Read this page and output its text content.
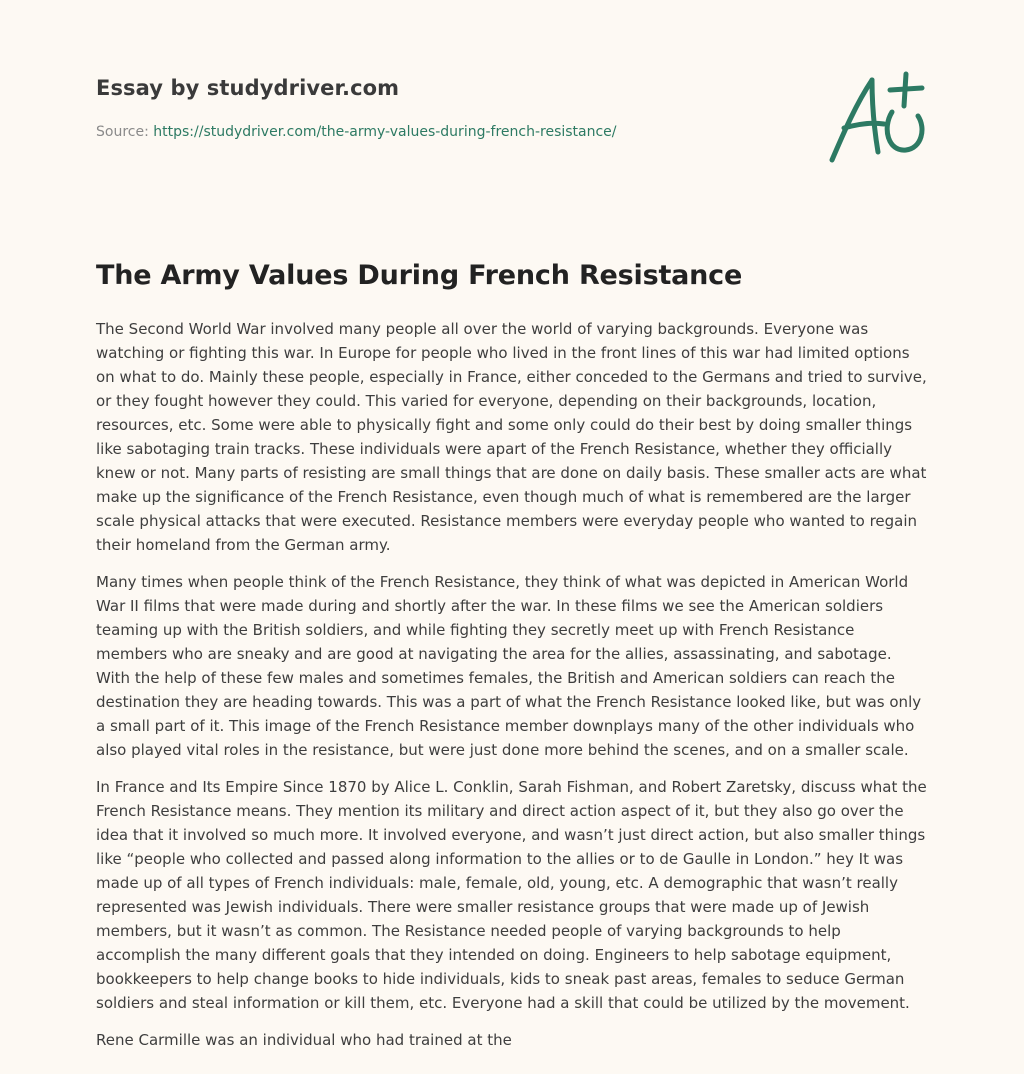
Essay by studydriver.com
Source: https://studydriver.com/the-army-values-during-french-resistance/
The Army Values During French Resistance

The Second World War involved many people all over the world of varying backgrounds. Everyone was watching or fighting this war. In Europe for people who lived in the front lines of this war had limited options on what to do. Mainly these people, especially in France, either conceded to the Germans and tried to survive, or they fought however they could. This varied for everyone, depending on their backgrounds, location, resources, etc. Some were able to physically fight and some only could do their best by doing smaller things like sabotaging train tracks. These individuals were apart of the French Resistance, whether they officially knew or not. Many parts of resisting are small things that are done on daily basis. These smaller acts are what make up the significance of the French Resistance, even though much of what is remembered are the larger scale physical attacks that were executed. Resistance members were everyday people who wanted to regain their homeland from the German army.

Many times when people think of the French Resistance, they think of what was depicted in American World War II films that were made during and shortly after the war. In these films we see the American soldiers teaming up with the British soldiers, and while fighting they secretly meet up with French Resistance members who are sneaky and are good at navigating the area for the allies, assassinating, and sabotage. With the help of these few males and sometimes females, the British and American soldiers can reach the destination they are heading towards. This was a part of what the French Resistance looked like, but was only a small part of it. This image of the French Resistance member downplays many of the other individuals who also played vital roles in the resistance, but were just done more behind the scenes, and on a smaller scale.

In France and Its Empire Since 1870 by Alice L. Conklin, Sarah Fishman, and Robert Zaretsky, discuss what the French Resistance means. They mention its military and direct action aspect of it, but they also go over the idea that it involved so much more. It involved everyone, and wasn’t just direct action, but also smaller things like “people who collected and passed along information to the allies or to de Gaulle in London.” hey It was made up of all types of French individuals: male, female, old, young, etc. A demographic that wasn’t really represented was Jewish individuals. There were smaller resistance groups that were made up of Jewish members, but it wasn’t as common. The Resistance needed people of varying backgrounds to help accomplish the many different goals that they intended on doing. Engineers to help sabotage equipment, bookkeepers to help change books to hide individuals, kids to sneak past areas, females to seduce German soldiers and steal information or kill them, etc. Everyone had a skill that could be utilized by the movement.

Rene Carmille was an individual who had trained at the
